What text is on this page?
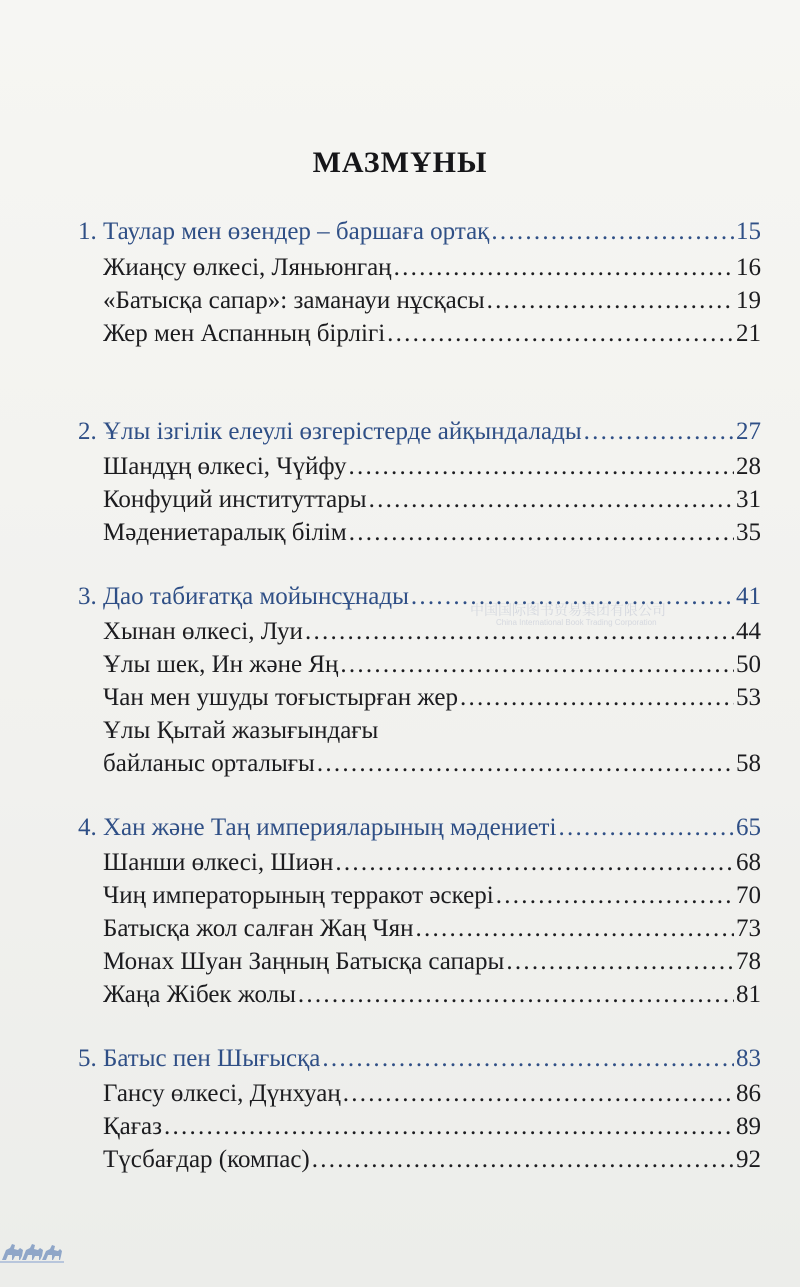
МАЗМҰНЫ
中国国际图书贸易集团有限公司
China International Book Trading Corporation
1. Таулар мен өзендер – баршаға ортақ . . .	15
Жиаңсу өлкесі, Ляньюнгаң . . .	16
«Батысқа сапар»: заманауи нұсқасы . . .	19
Жер мен Аспанның бірлігі . . .	21
2. Ұлы ізгілік елеулі өзгерістерде айқындалады . . .	27
Шандұң өлкесі, Чүйфу . . .	28
Конфуций институттары . . .	31
Мәдениетаралық білім . . .	35
3. Дао табиғатқа мойынсұнады . . .	41
Хынан өлкесі, Луи . . .	44
Ұлы шек, Ин және Яң . . .	50
Чан мен ушуды тоғыстырған жер . . .	53
Ұлы Қытай жазығындағы
байланыс орталығы . . .	58
4. Хан және Таң империяларының мәдениеті . . .	65
Шанши өлкесі, Шиән . . .	68
Чиң императорының терракот әскері . . .	70
Батысқа жол салған Жаң Чян . . .	73
Монах Шуан Заңның Батысқа сапары . . .	78
Жаңа Жібек жолы . . .	81
5. Батыс пен Шығысқа . . .	83
Гансу өлкесі, Дүнхуаң . . .	86
Қағаз . . .	89
Түсбағдар (компас) . . .	92
